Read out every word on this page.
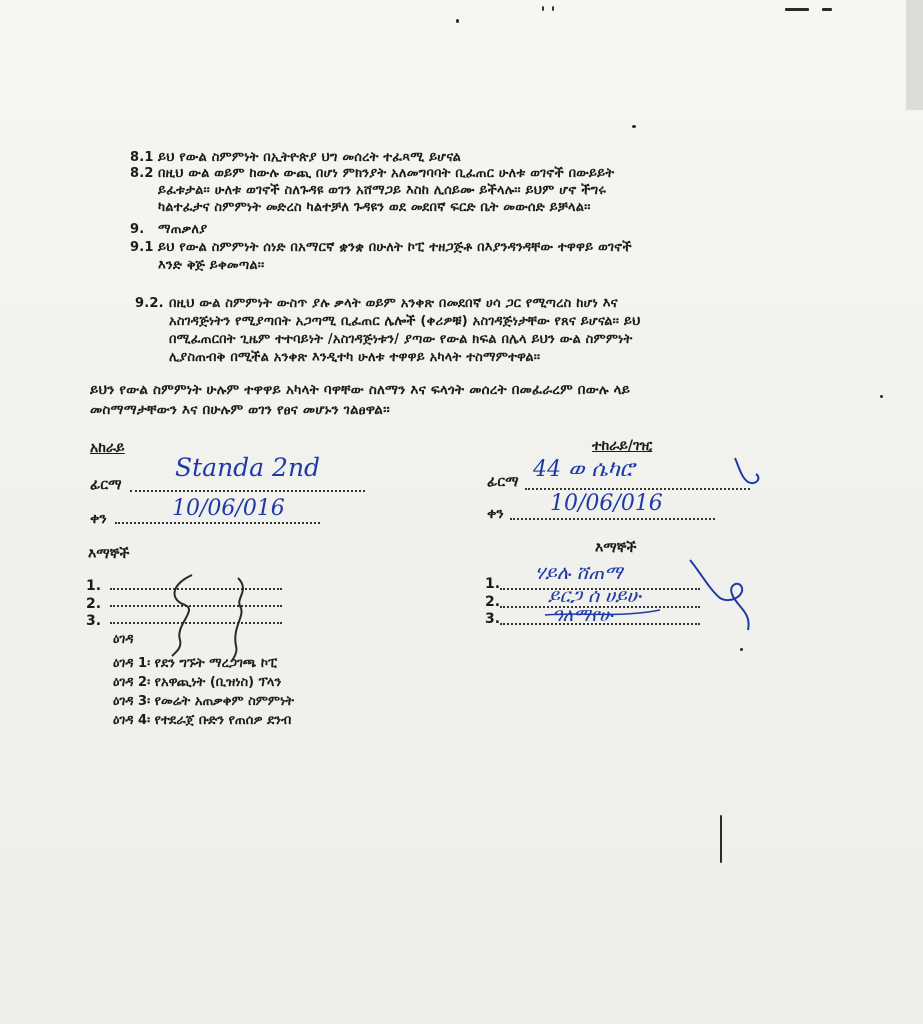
8.1 ይህ የውል ስምምነት በኢትዮጵያ ህግ መሰረት ተፈጻሚ ይሆናል
8.2 በዚህ ውል ወይም ከውሉ ውጪ በሆነ ምክንያት አለመግባባት ቢፈጠር ሁለቱ ወገኖች በውይይት
ይፈቱታል፡፡ ሁለቱ ወገኖች ስለጉዳዩ ወገን አሸማጋይ እስከ ሊሰይሙ ይችላሉ፡፡ ይህም ሆኖ ችግሩ
ካልተፈታና ስምምነት መድረስ ካልተቻለ ጉዳዩን ወደ መደበኛ ፍርድ ቤት መውሰድ ይቻላል፡፡
9. ማጠቃለያ
9.1 ይህ የውል ስምምነት ሰነድ በአማርኛ ቋንቋ በሁለት ኮፒ ተዘጋጅቶ በእያንዳንዳቸው ተዋዋይ ወገኖች
እንድ ቅጅ ይቀመጣል፡፡
9.2. በዚህ ውል ስምምነት ውስጥ ያሉ ቃላት ወይም አንቀጽ በመደበኛ ሀሳ ጋር የሚጣረስ ከሆነ እና
አስገዳጅነትን የሚያጣበት አጋጣሚ ቢፈጠር ሌሎች (ቀሪዎቹ) አስገዳጅነታቸው የጸና ይሆናል፡፡ ይህ
በሚፈጠርበት ጊዜም ተተባይነት /አስገዳጅነቱን/ ያጣው የውል ክፍል በሌላ ይህን ውል ስምምነት
ሊያስጠብቅ በሚችል አንቀጽ እንዲተካ ሁለቱ ተዋዋይ አካላት ተስማምተዋል፡፡
ይህን የውል ስምምነት ሁሉም ተዋዋይ አካላት ባዋቸው ስለማን እና ፍላጎት መሰረት በመፈራረም በውሉ ላይ
መስማማታቸውን እና በሁሉም ወገን የፀና መሆኑን ገልፀዋል፡፡
አከራይ
ፊርማ
Standa 2nd
ቀን	10/06/016
ተከራይ/ገዢ
ፊርማ 44 ወ ሴካሮ
ቀን 10/06/016
እማኞች
1.
2.
3.
እማኞች
1.
2.
3.
ሃይሉ ሸጠማ
ይርጋ ሰ ሀይሁ
ዓለማየሁ
ዕገዳ
ዕገዳ 1፡ የደን ግኙት ማረጋገጫ ኮፒ
ዕገዳ 2፡ የአዋጪነት (ቢዝነስ) ፕላን
ዕገዳ 3፡ የመሬት አጠቃቀም ስምምነት
ዕገዳ 4፡ የተደራጀ ቡድን የጠሰዎ ደንብ
